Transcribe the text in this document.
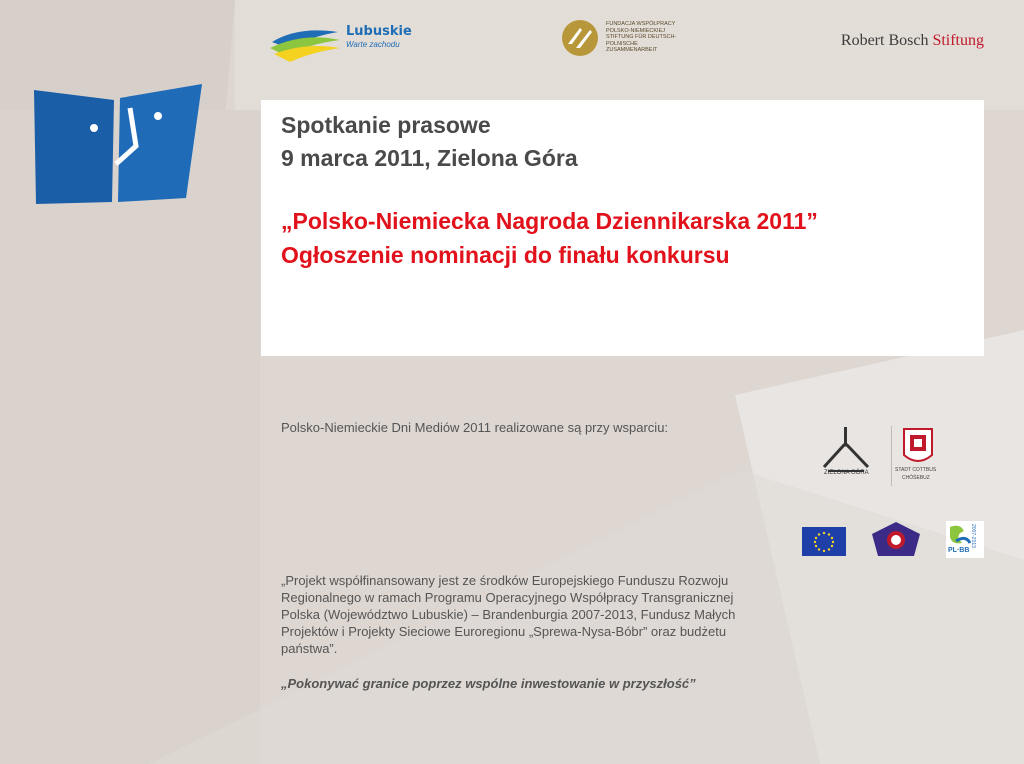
Lubuskie
Warte zachodu
FUNDACJA WSPÓŁPRACY POLSKO-NIEMIECKIEJ STIFTUNG FÜR DEUTSCH-POLNISCHE ZUSAMMENARBEIT
Robert Bosch Stiftung
Spotkanie prasowe
9 marca 2011, Zielona Góra
„Polsko-Niemiecka Nagroda Dziennikarska 2011”
Ogłoszenie nominacji do finału konkursu
Polsko-Niemieckie Dni Mediów 2011 realizowane są przy wsparciu:
ZIELONA GÓRA	STADT COTTBUS
CHÓŚEBUZ
PL·BB
2007-2013

„Projekt współfinansowany jest ze środków Europejskiego Funduszu Rozwoju Regionalnego w ramach Programu Operacyjnego Współpracy Transgranicznej Polska (Województwo Lubuskie) – Brandenburgia 2007-2013, Fundusz Małych Projektów i Projekty Sieciowe Euroregionu „Sprewa-Nysa-Bóbr” oraz budżetu państwa”.

„Pokonywać granice poprzez wspólne inwestowanie w przyszłość”
